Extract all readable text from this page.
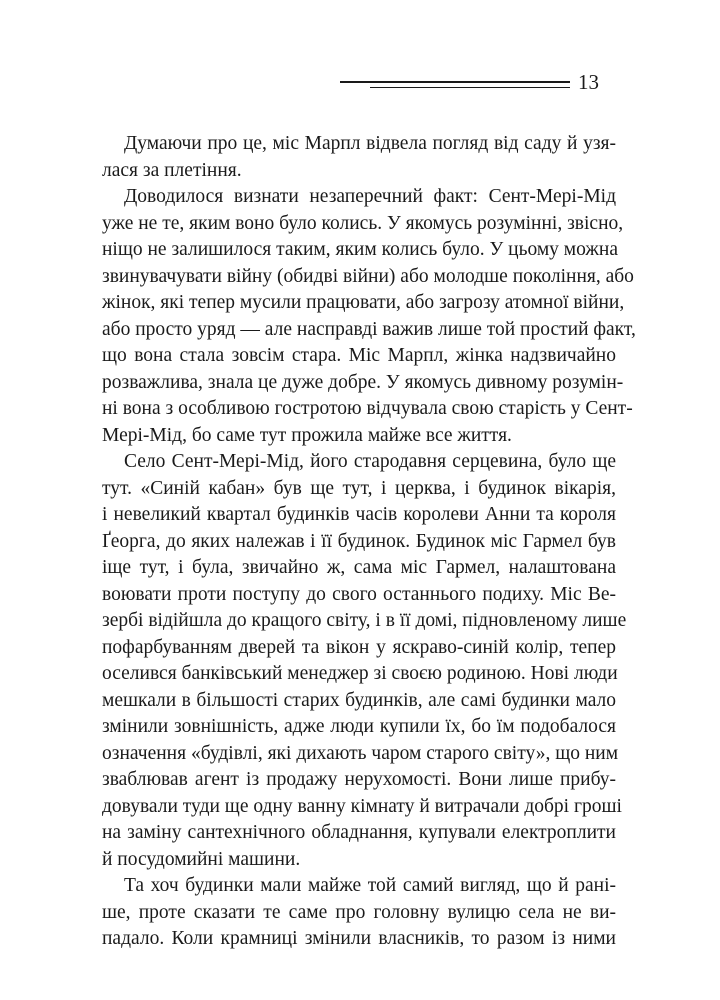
13
Думаючи про це, міс Марпл відвела погляд від саду й узя-
лася за плетіння.
Доводилося визнати незаперечний факт: Сент-Мері-Мід
уже не те, яким воно було колись. У якомусь розумінні, звісно,
ніщо не залишилося таким, яким колись було. У цьому можна
звинувачувати війну (обидві війни) або молодше покоління, або
жінок, які тепер мусили працювати, або загрозу атомної війни,
або просто уряд — але насправді важив лише той простий факт,
що вона стала зовсім стара. Міс Марпл, жінка надзвичайно
розважлива, знала це дуже добре. У якомусь дивному розумін-
ні вона з особливою гостротою відчувала свою старість у Сент-
Мері-Мід, бо саме тут прожила майже все життя.
Село Сент-Мері-Мід, його стародавня серцевина, було ще
тут. «Синій кабан» був ще тут, і церква, і будинок вікарія,
і невеликий квартал будинків часів королеви Анни та короля
Ґеорга, до яких належав і її будинок. Будинок міс Гармел був
іще тут, і була, звичайно ж, сама міс Гармел, налаштована
воювати проти поступу до свого останнього подиху. Міс Ве-
зербі відійшла до кращого світу, і в її домі, підновленому лише
пофарбуванням дверей та вікон у яскраво-синій колір, тепер
оселився банківський менеджер зі своєю родиною. Нові люди
мешкали в більшості старих будинків, але самі будинки мало
змінили зовнішність, адже люди купили їх, бо їм подобалося
означення «будівлі, які дихають чаром старого світу», що ним
зваблював агент із продажу нерухомості. Вони лише прибу-
довували туди ще одну ванну кімнату й витрачали добрі гроші
на заміну сантехнічного обладнання, купували електроплити
й посудомийні машини.
Та хоч будинки мали майже той самий вигляд, що й рані-
ше, проте сказати те саме про головну вулицю села не ви-
падало. Коли крамниці змінили власників, то разом із ними
